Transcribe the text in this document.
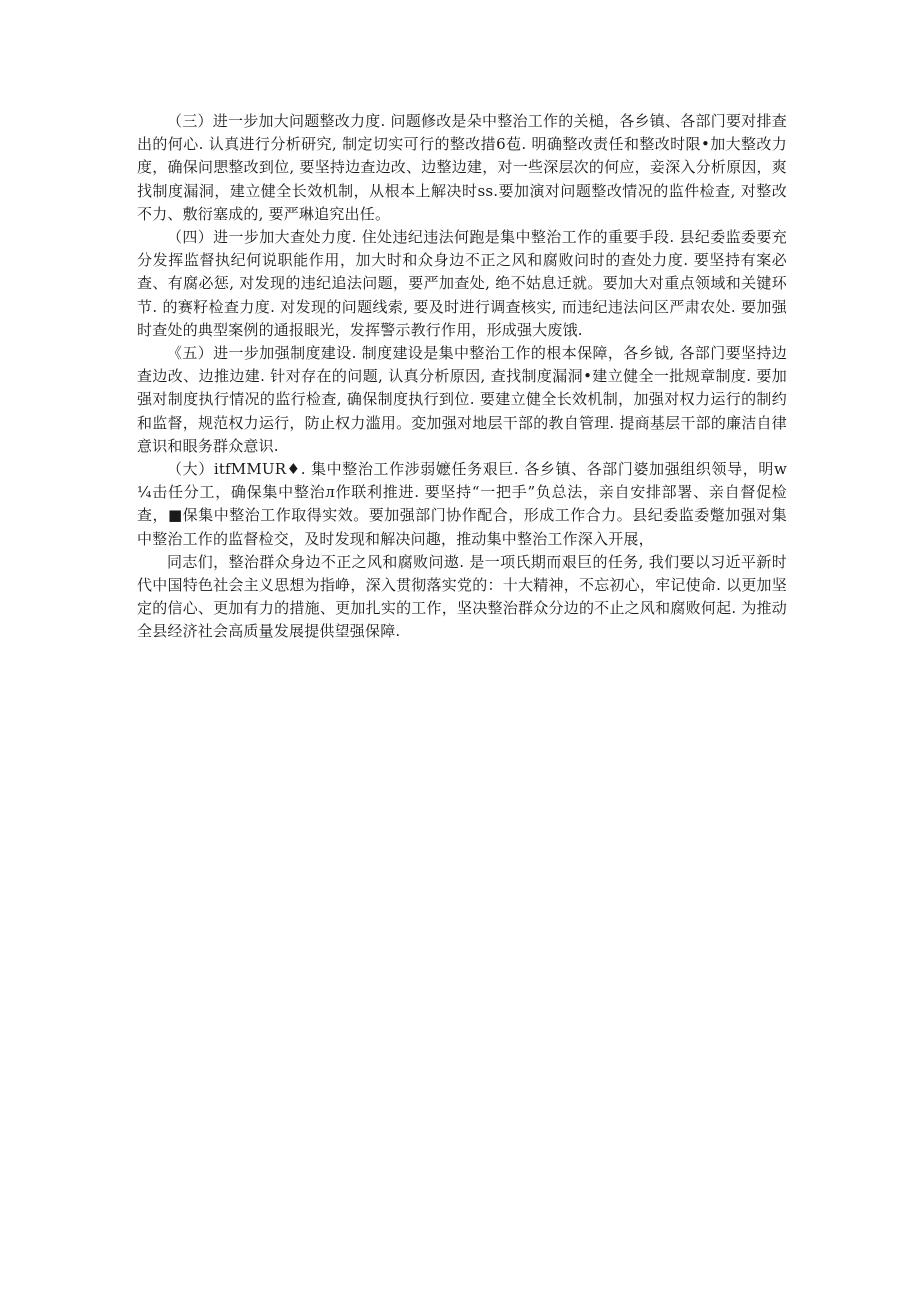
（三）进一步加大问题整改力度. 问题修改是朵中整治工作的关槌，各乡镇、各部门要对排查出的何心. 认真进行分析研究, 制定切实可行的整改措6苞. 明确整改责任和整改时限•加大整改力度，确保问愳整改到位, 要坚持边查边改、边整边建，对一些深层次的何应，妾深入分析原因，爽找制度漏洞，建立健全长效机制，从根本上解决时ss.要加演对问题整改情况的监件检查, 对整改不力、敷衍塞成的, 要严琳追究出任。

（四）进一步加大查处力度. 住处违纪违法何跑是集中整治工作的重要手段. 县纪委监委要充分发挥监督执纪何说职能作用，加大时和众身边不正之风和腐败问时的查处力度. 要坚持有案必查、有腐必惩, 对发现的违纪追法问题，要严加查处, 绝不姑息迁就。要加大对重点领域和关键环节. 的赛籽检查力度. 对发现的问题线索, 要及时进行调查核实, 而违纪违法问区严肃农处. 要加强时查处的典型案例的通报眼光，发挥警示教行作用，形成强大废饿.

《五）进一步加强制度建设. 制度建设是集中整治工作的根本保障，各乡钺, 各部门要坚持边查边改、边推边建. 针对存在的问题, 认真分析原因, 查找制度漏洞•建立健全一批规章制度. 要加强对制度执行情况的监行检查, 确保制度执行到位. 要建立健全长效机制，加强对权力运行的制约和监督，规范权力运行，防止权力滥用。変加强对地层干部的教自管理. 提商基层干部的廉洁自律意识和眼务群众意识.

（大）itfMMUR♦. 集中整治工作涉弱嬷任务艰巨. 各乡镇、各部门婆加强组织领导，明w¼击任分工，确保集中整治л作联利推进. 要坚持“一把手”负总法，亲自安排部署、亲自督促检查，■保集中整治工作取得实效。要加强部门协作配合，形成工作合力。县纪委监委蹩加强对集中整治工作的监督检交，及时发现和解决问趣，推动集中整治工作深入开展，

同志们，整治群众身边不正之风和腐败问遨. 是一项氏期而艰巨的任务, 我们要以习近平新时代中国特色社会主义思想为指峥，深入贯彻落实党的：十大精神，不忘初心，牢记使命. 以更加坚定的信心、更加有力的措施、更加扎实的工作，坚决整治群众分边的不止之风和腐败何起. 为推动全县经济社会高质量发展提供望强保障.
